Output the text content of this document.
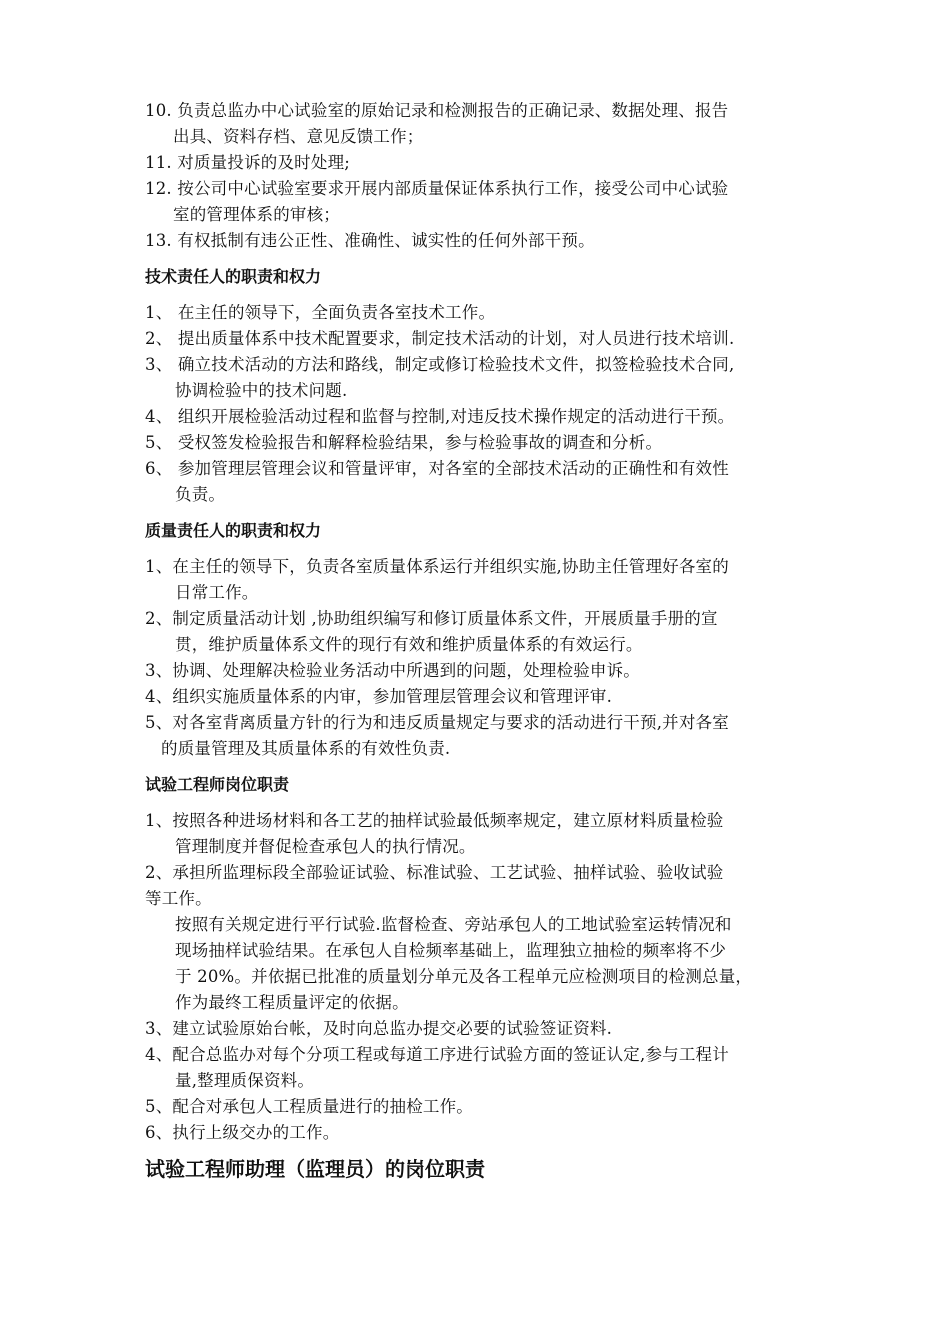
10. 负责总监办中心试验室的原始记录和检测报告的正确记录、数据处理、报告
出具、资料存档、意见反馈工作；
11. 对质量投诉的及时处理;
12. 按公司中心试验室要求开展内部质量保证体系执行工作，接受公司中心试验
室的管理体系的审核；
13. 有权抵制有违公正性、准确性、诚实性的任何外部干预。
技术责任人的职责和权力
1、 在主任的领导下，全面负责各室技术工作。
2、 提出质量体系中技术配置要求，制定技术活动的计划，对人员进行技术培训.
3、 确立技术活动的方法和路线，制定或修订检验技术文件，拟签检验技术合同,
协调检验中的技术问题.
4、 组织开展检验活动过程和监督与控制,对违反技术操作规定的活动进行干预。
5、 受权签发检验报告和解释检验结果，参与检验事故的调查和分析。
6、 参加管理层管理会议和管量评审，对各室的全部技术活动的正确性和有效性
负责。
质量责任人的职责和权力
1、在主任的领导下，负责各室质量体系运行并组织实施,协助主任管理好各室的
日常工作。
2、制定质量活动计划 ,协助组织编写和修订质量体系文件，开展质量手册的宣
贯，维护质量体系文件的现行有效和维护质量体系的有效运行。
3、协调、处理解决检验业务活动中所遇到的问题，处理检验申诉。
4、组织实施质量体系的内审，参加管理层管理会议和管理评审.
5、对各室背离质量方针的行为和违反质量规定与要求的活动进行干预,并对各室
的质量管理及其质量体系的有效性负责.
试验工程师岗位职责
1、按照各种进场材料和各工艺的抽样试验最低频率规定，建立原材料质量检验
管理制度并督促检查承包人的执行情况。
2、承担所监理标段全部验证试验、标准试验、工艺试验、抽样试验、验收试验
等工作。
按照有关规定进行平行试验.监督检查、旁站承包人的工地试验室运转情况和
现场抽样试验结果。在承包人自检频率基础上，监理独立抽检的频率将不少
于 20%。并依据已批准的质量划分单元及各工程单元应检测项目的检测总量，
作为最终工程质量评定的依据。
3、建立试验原始台帐，及时向总监办提交必要的试验签证资料.
4、配合总监办对每个分项工程或每道工序进行试验方面的签证认定,参与工程计
量,整理质保资料。
5、配合对承包人工程质量进行的抽检工作。
6、执行上级交办的工作。
试验工程师助理（监理员）的岗位职责
